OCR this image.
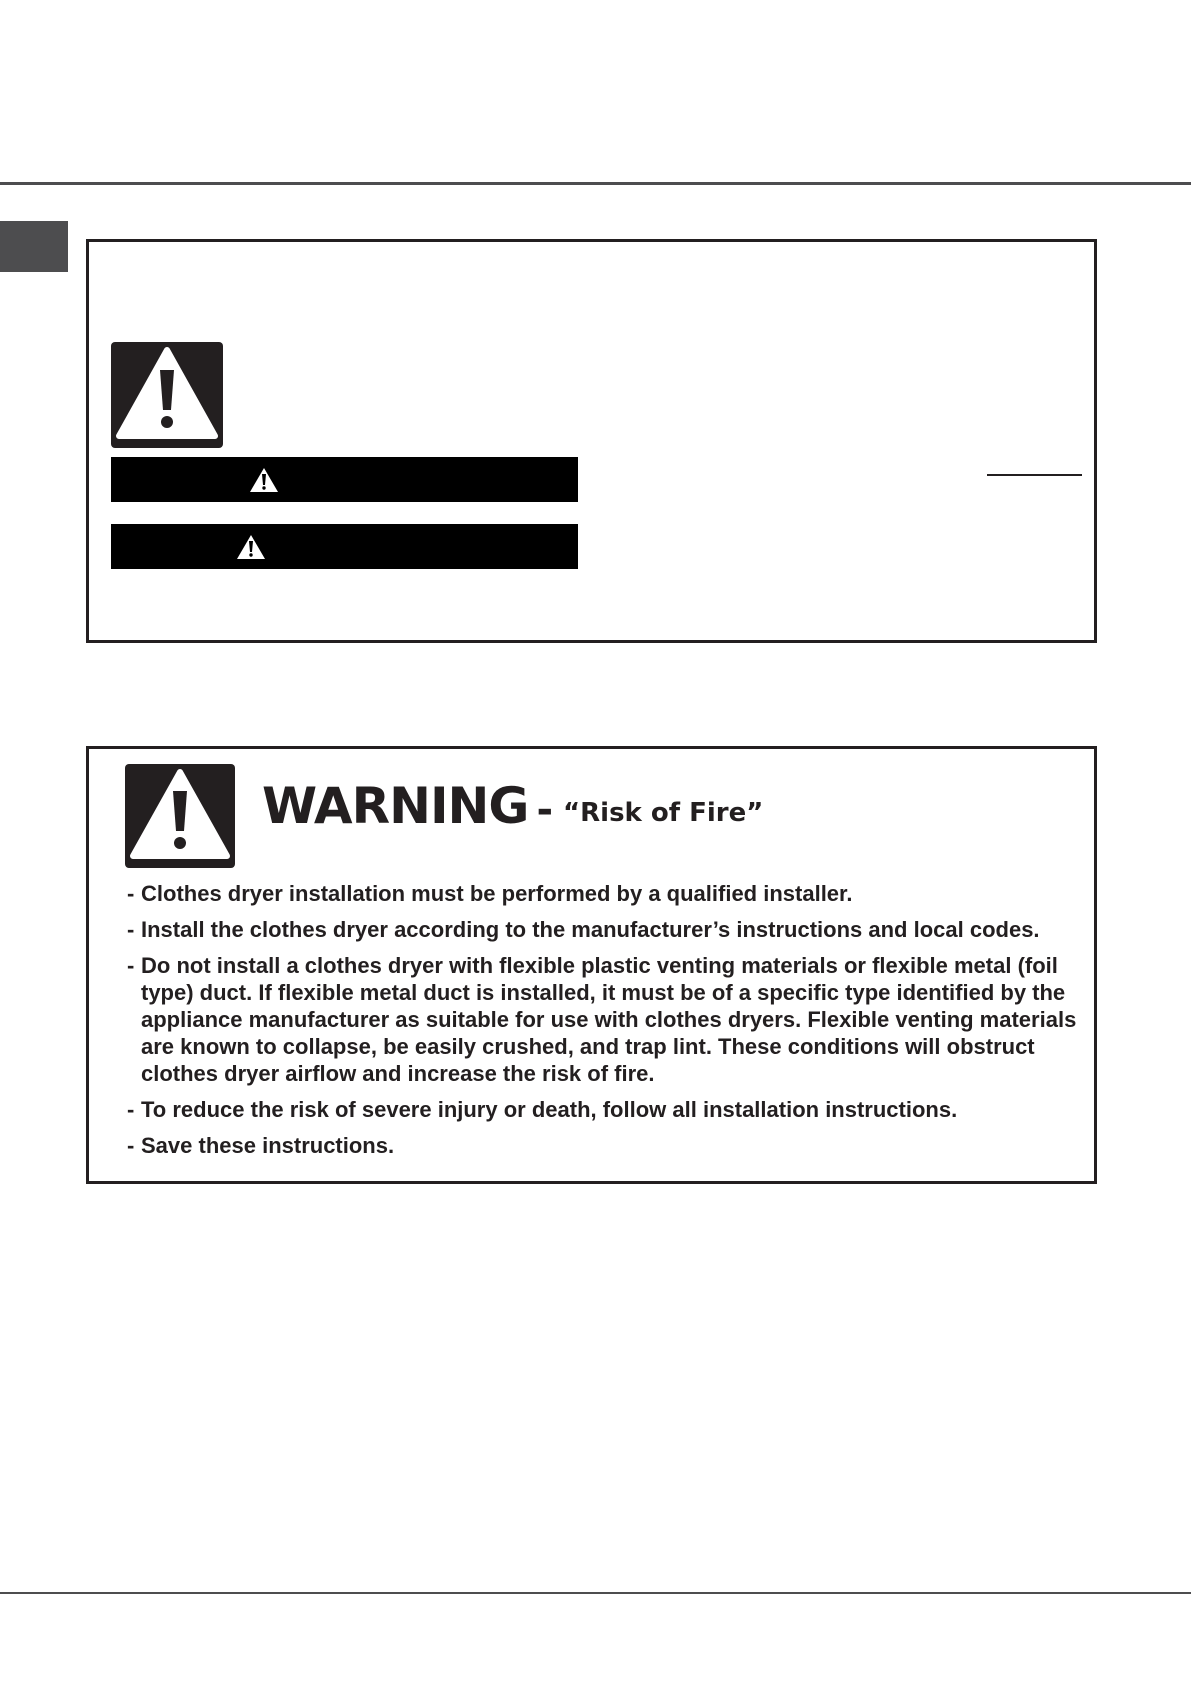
WARNING - “Risk of Fire”
- Clothes dryer installation must be performed by a qualified installer.
- Install the clothes dryer according to the manufacturer’s instructions and local codes.
- Do not install a clothes dryer with flexible plastic venting materials or flexible metal (foil type) duct. If flexible metal duct is installed, it must be of a specific type identified by the appliance manufacturer as suitable for use with clothes dryers. Flexible venting materials are known to collapse, be easily crushed, and trap lint. These conditions will obstruct clothes dryer airflow and increase the risk of fire.
- To reduce the risk of severe injury or death, follow all installation instructions.
- Save these instructions.
